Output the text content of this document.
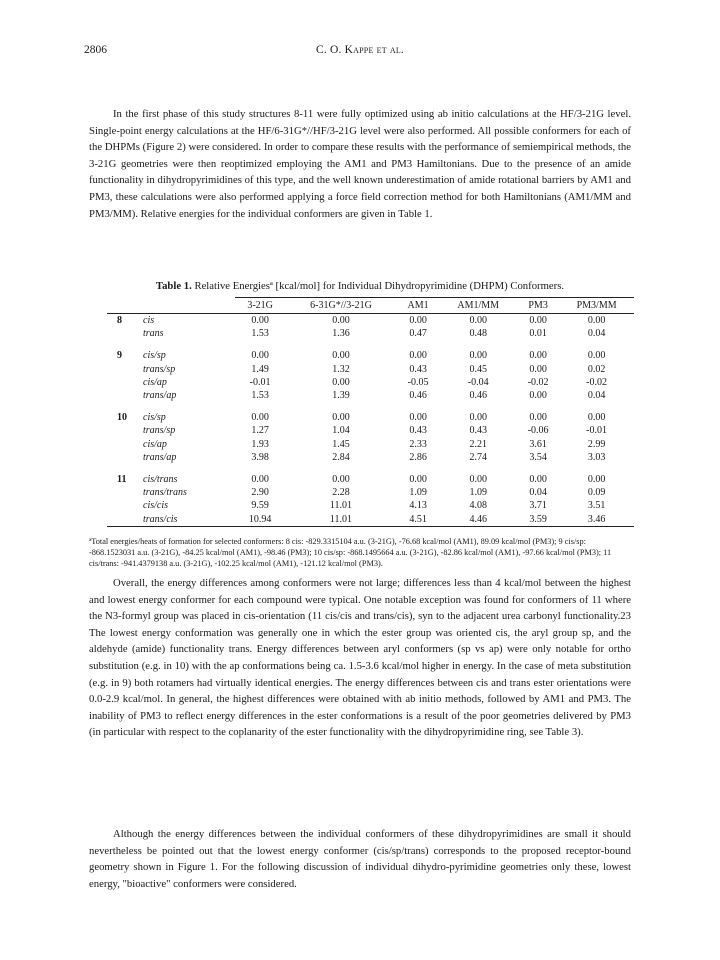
2806	C. O. Kappe et al.

In the first phase of this study structures 8-11 were fully optimized using ab initio calculations at the HF/3-21G level. Single-point energy calculations at the HF/6-31G*//HF/3-21G level were also performed. All possible conformers for each of the DHPMs (Figure 2) were considered. In order to compare these results with the performance of semiempirical methods, the 3-21G geometries were then reoptimized employing the AM1 and PM3 Hamiltonians. Due to the presence of an amide functionality in dihydropyrimidines of this type, and the well known underestimation of amide rotational barriers by AM1 and PM3, these calculations were also performed applying a force field correction method for both Hamiltonians (AM1/MM and PM3/MM). Relative energies for the individual conformers are given in Table 1.

Table 1. Relative Energiesª [kcal/mol] for Individual Dihydropyrimidine (DHPM) Conformers.

		3-21G	6-31G*//3-21G	AM1	AM1/MM	PM3	PM3/MM
8	cis	0.00	0.00	0.00	0.00	0.00	0.00
	trans	1.53	1.36	0.47	0.48	0.01	0.04

9	cis/sp	0.00	0.00	0.00	0.00	0.00	0.00
	trans/sp	1.49	1.32	0.43	0.45	0.00	0.02
	cis/ap	-0.01	0.00	-0.05	-0.04	-0.02	-0.02
	trans/ap	1.53	1.39	0.46	0.46	0.00	0.04

10	cis/sp	0.00	0.00	0.00	0.00	0.00	0.00
	trans/sp	1.27	1.04	0.43	0.43	-0.06	-0.01
	cis/ap	1.93	1.45	2.33	2.21	3.61	2.99
	trans/ap	3.98	2.84	2.86	2.74	3.54	3.03

11	cis/trans	0.00	0.00	0.00	0.00	0.00	0.00
	trans/trans	2.90	2.28	1.09	1.09	0.04	0.09
	cis/cis	9.59	11.01	4.13	4.08	3.71	3.51
	trans/cis	10.94	11.01	4.51	4.46	3.59	3.46

ªTotal energies/heats of formation for selected conformers: 8 cis: -829.3315104 a.u. (3-21G), -76.68 kcal/mol (AM1), 89.09 kcal/mol (PM3); 9 cis/sp: -868.1523031 a.u. (3-21G), -84.25 kcal/mol (AM1), -98.46 (PM3); 10 cis/sp: -868.1495664 a.u. (3-21G), -82.86 kcal/mol (AM1), -97.66 kcal/mol (PM3); 11 cis/trans: -941.4379138 a.u. (3-21G), -102.25 kcal/mol (AM1), -121.12 kcal/mol (PM3).

Overall, the energy differences among conformers were not large; differences less than 4 kcal/mol between the highest and lowest energy conformer for each compound were typical. One notable exception was found for conformers of 11 where the N3-formyl group was placed in cis-orientation (11 cis/cis and trans/cis), syn to the adjacent urea carbonyl functionality.23 The lowest energy conformation was generally one in which the ester group was oriented cis, the aryl group sp, and the aldehyde (amide) functionality trans. Energy differences between aryl conformers (sp vs ap) were only notable for ortho substitution (e.g. in 10) with the ap conformations being ca. 1.5-3.6 kcal/mol higher in energy. In the case of meta substitution (e.g. in 9) both rotamers had virtually identical energies. The energy differences between cis and trans ester orientations were 0.0-2.9 kcal/mol. In general, the highest differences were obtained with ab initio methods, followed by AM1 and PM3. The inability of PM3 to reflect energy differences in the ester conformations is a result of the poor geometries delivered by PM3 (in particular with respect to the coplanarity of the ester functionality with the dihydropyrimidine ring, see Table 3).

Although the energy differences between the individual conformers of these dihydropyrimidines are small it should nevertheless be pointed out that the lowest energy conformer (cis/sp/trans) corresponds to the proposed receptor-bound geometry shown in Figure 1. For the following discussion of individual dihydro-pyrimidine geometries only these, lowest energy, "bioactive" conformers were considered.
